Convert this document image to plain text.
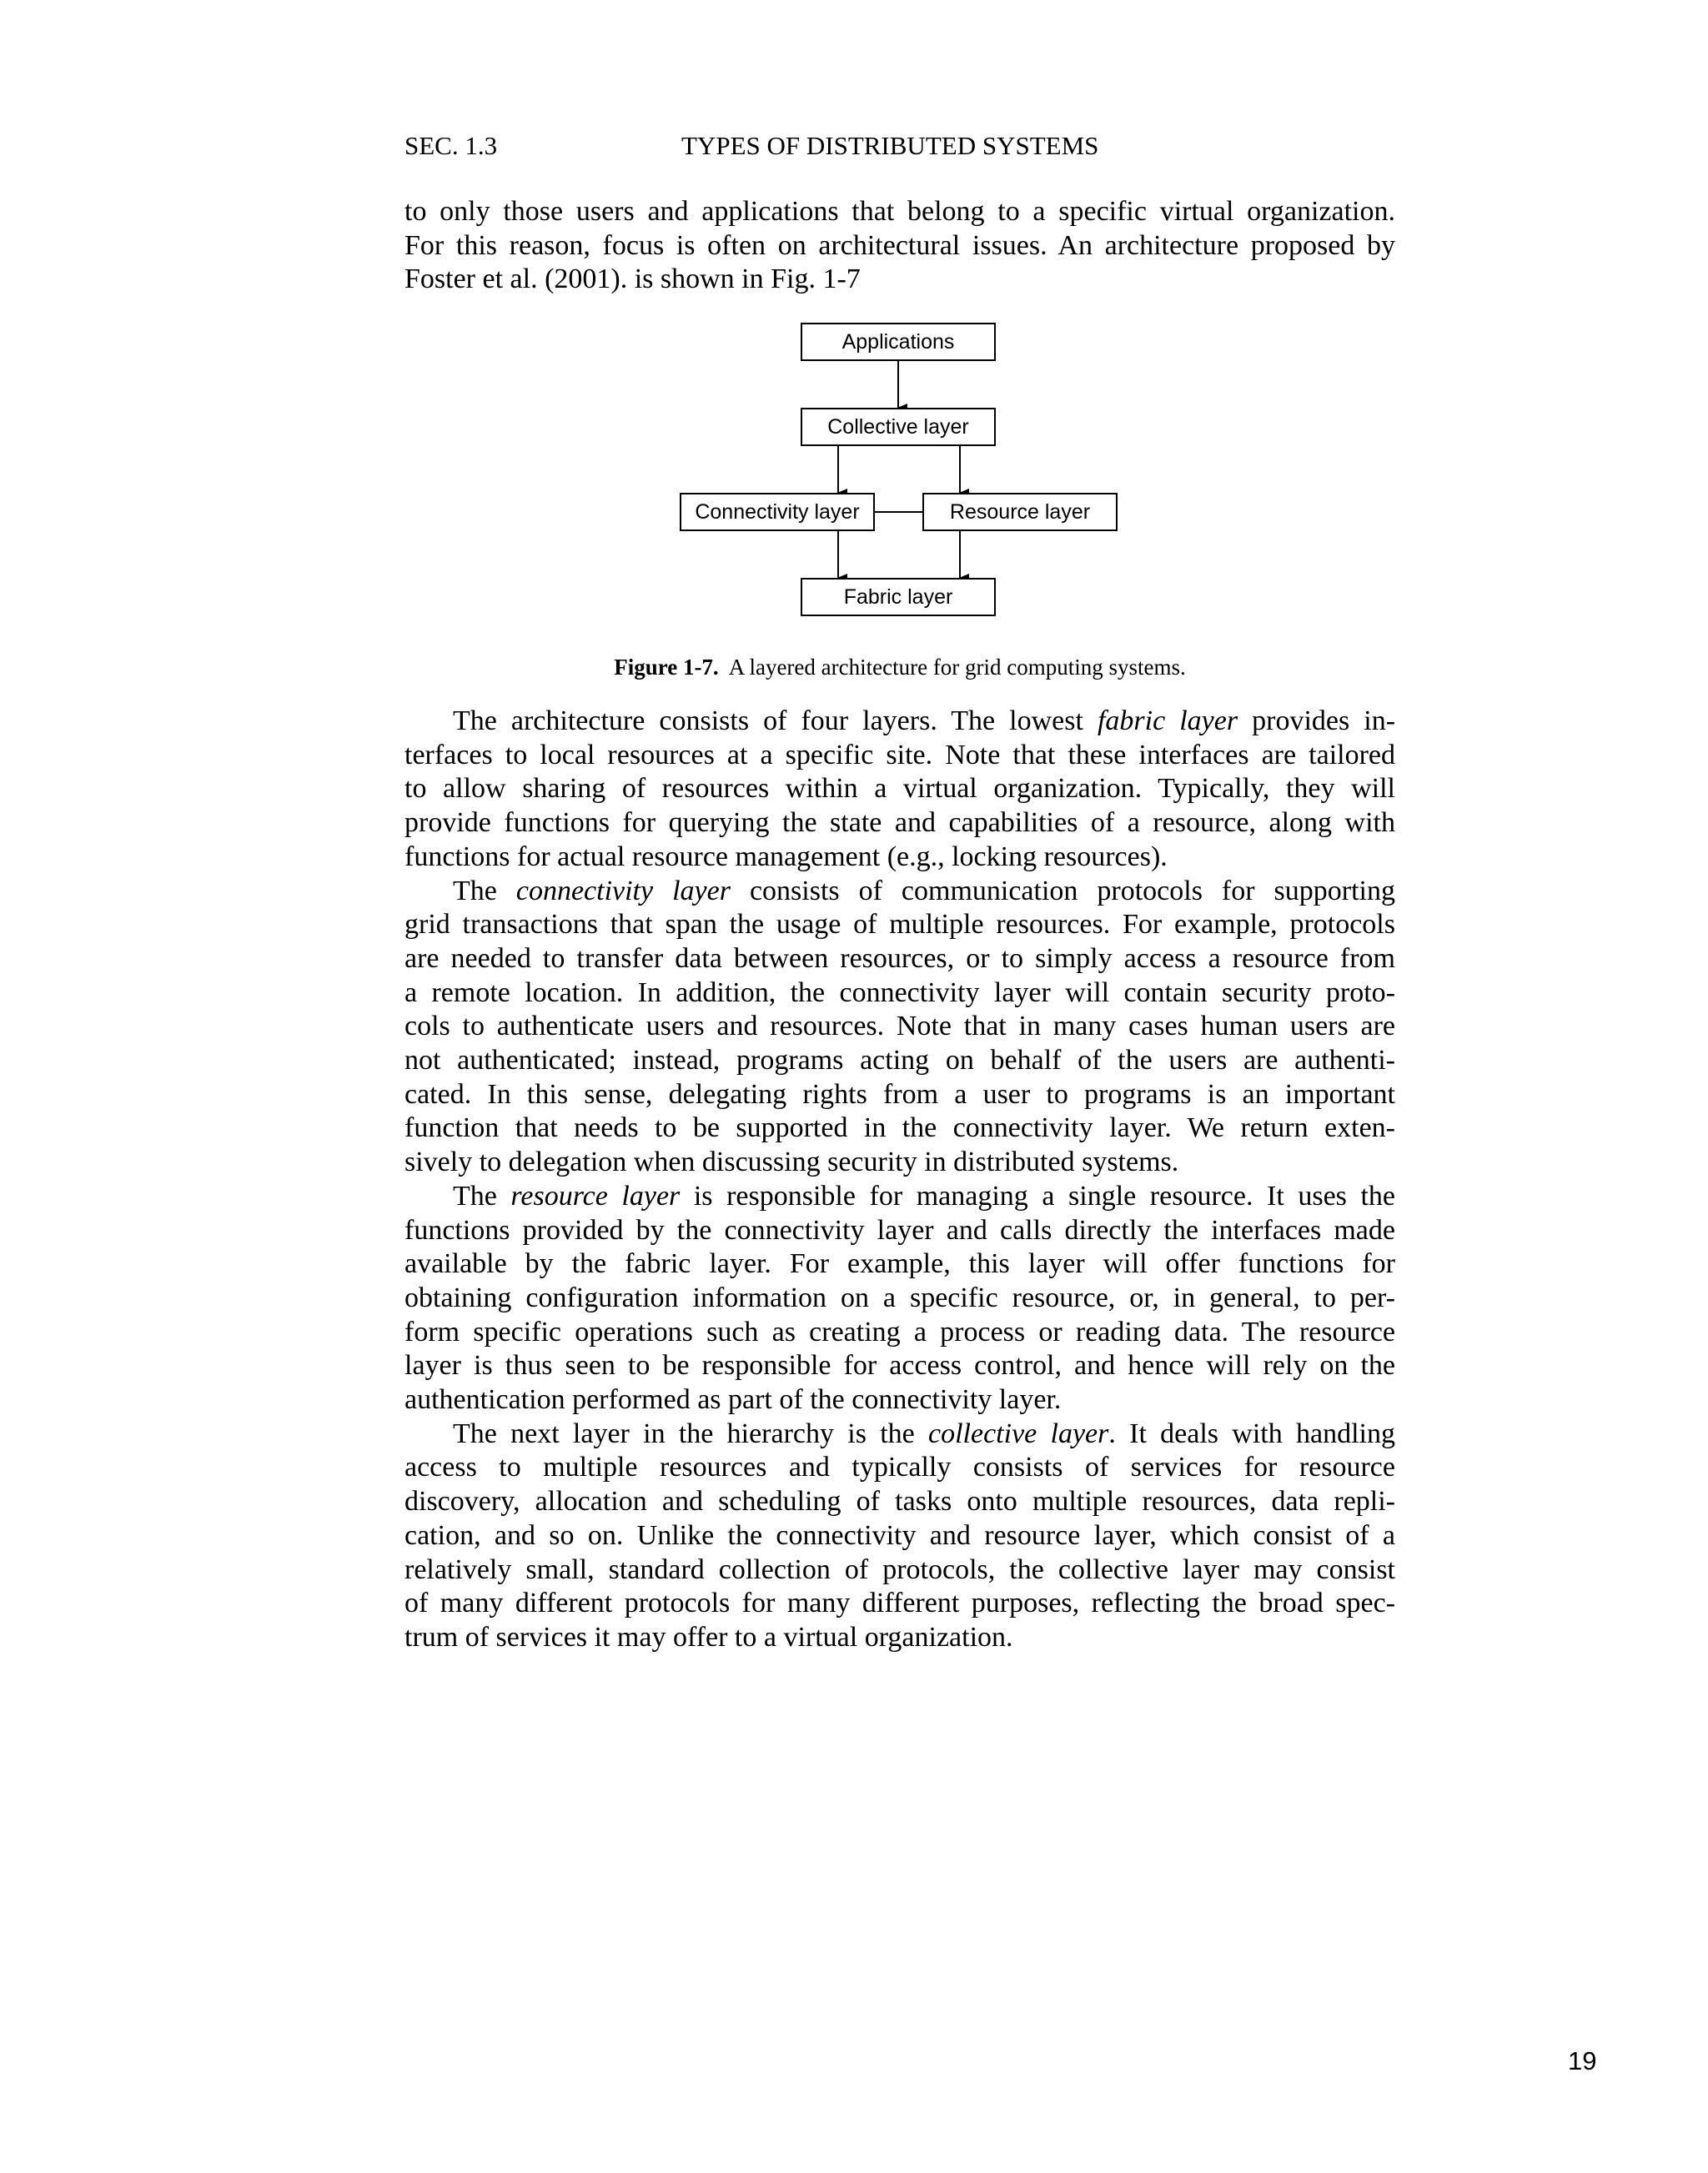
SEC. 1.3	TYPES OF DISTRIBUTED SYSTEMS
to only those users and applications that belong to a specific virtual organization.
For this reason, focus is often on architectural issues. An architecture proposed by
Foster et al. (2001). is shown in Fig. 1-7
Applications
Collective layer
Connectivity layer	Resource layer
Fabric layer
Figure 1-7. A layered architecture for grid computing systems.
The architecture consists of four layers. The lowest fabric layer provides in-
terfaces to local resources at a specific site. Note that these interfaces are tailored
to allow sharing of resources within a virtual organization. Typically, they will
provide functions for querying the state and capabilities of a resource, along with
functions for actual resource management (e.g., locking resources).
The connectivity layer consists of communication protocols for supporting
grid transactions that span the usage of multiple resources. For example, protocols
are needed to transfer data between resources, or to simply access a resource from
a remote location. In addition, the connectivity layer will contain security proto-
cols to authenticate users and resources. Note that in many cases human users are
not authenticated; instead, programs acting on behalf of the users are authenti-
cated. In this sense, delegating rights from a user to programs is an important
function that needs to be supported in the connectivity layer. We return exten-
sively to delegation when discussing security in distributed systems.
The resource layer is responsible for managing a single resource. It uses the
functions provided by the connectivity layer and calls directly the interfaces made
available by the fabric layer. For example, this layer will offer functions for
obtaining configuration information on a specific resource, or, in general, to per-
form specific operations such as creating a process or reading data. The resource
layer is thus seen to be responsible for access control, and hence will rely on the
authentication performed as part of the connectivity layer.
The next layer in the hierarchy is the collective layer. It deals with handling
access to multiple resources and typically consists of services for resource
discovery, allocation and scheduling of tasks onto multiple resources, data repli-
cation, and so on. Unlike the connectivity and resource layer, which consist of a
relatively small, standard collection of protocols, the collective layer may consist
of many different protocols for many different purposes, reflecting the broad spec-
trum of services it may offer to a virtual organization.
19
